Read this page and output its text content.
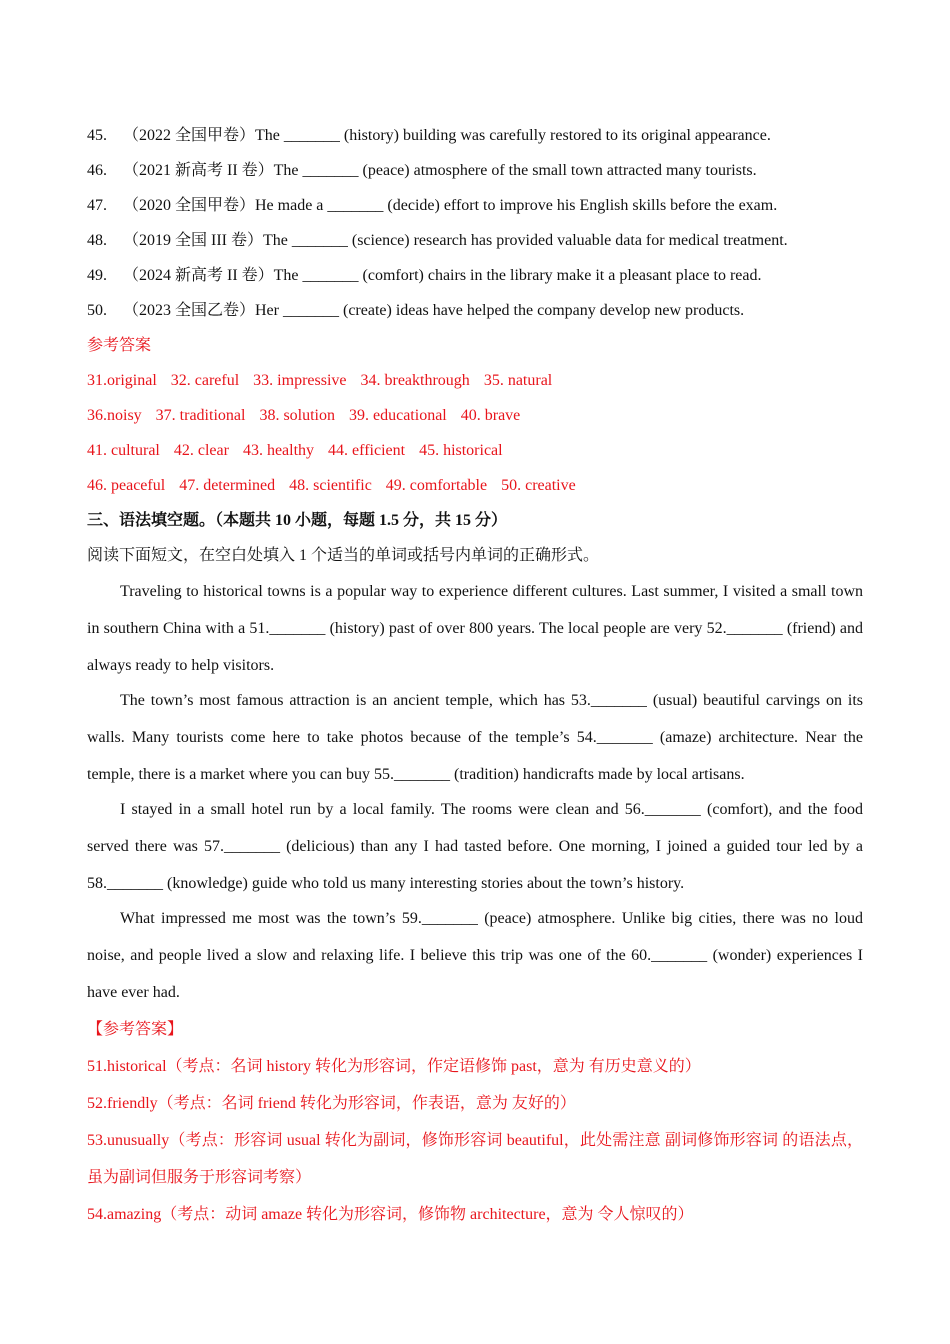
45. （2022 全国甲卷）The _______ (history) building was carefully restored to its original appearance.
46. （2021 新高考 II 卷）The _______ (peace) atmosphere of the small town attracted many tourists.
47. （2020 全国甲卷）He made a _______ (decide) effort to improve his English skills before the exam.
48. （2019 全国 III 卷）The _______ (science) research has provided valuable data for medical treatment.
49. （2024 新高考 II 卷）The _______ (comfort) chairs in the library make it a pleasant place to read.
50. （2023 全国乙卷）Her _______ (create) ideas have helped the company develop new products.
参考答案
31.original 32. careful 33. impressive 34. breakthrough 35. natural
36.noisy 37. traditional 38. solution 39. educational 40. brave
41. cultural 42. clear 43. healthy 44. efficient 45. historical
46. peaceful 47. determined 48. scientific 49. comfortable 50. creative
三、语法填空题。（本题共 10 小题，每题 1.5 分，共 15 分）
阅读下面短文，在空白处填入 1 个适当的单词或括号内单词的正确形式。

Traveling to historical towns is a popular way to experience different cultures. Last summer, I visited a small town in southern China with a 51._______ (history) past of over 800 years. The local people are very 52._______ (friend) and always ready to help visitors.

The town’s most famous attraction is an ancient temple, which has 53._______ (usual) beautiful carvings on its walls. Many tourists come here to take photos because of the temple’s 54._______ (amaze) architecture. Near the temple, there is a market where you can buy 55._______ (tradition) handicrafts made by local artisans.

I stayed in a small hotel run by a local family. The rooms were clean and 56._______ (comfort), and the food served there was 57._______ (delicious) than any I had tasted before. One morning, I joined a guided tour led by a 58._______ (knowledge) guide who told us many interesting stories about the town’s history.

What impressed me most was the town’s 59._______ (peace) atmosphere. Unlike big cities, there was no loud noise, and people lived a slow and relaxing life. I believe this trip was one of the 60._______ (wonder) experiences I have ever had.

【参考答案】
51.historical（考点：名词 history 转化为形容词，作定语修饰 past，意为 有历史意义的）
52.friendly（考点：名词 friend 转化为形容词，作表语，意为 友好的）
53.unusually（考点：形容词 usual 转化为副词，修饰形容词 beautiful，此处需注意 副词修饰形容词 的语法点，虽为副词但服务于形容词考察）
54.amazing（考点：动词 amaze 转化为形容词，修饰物 architecture，意为 令人惊叹的）
